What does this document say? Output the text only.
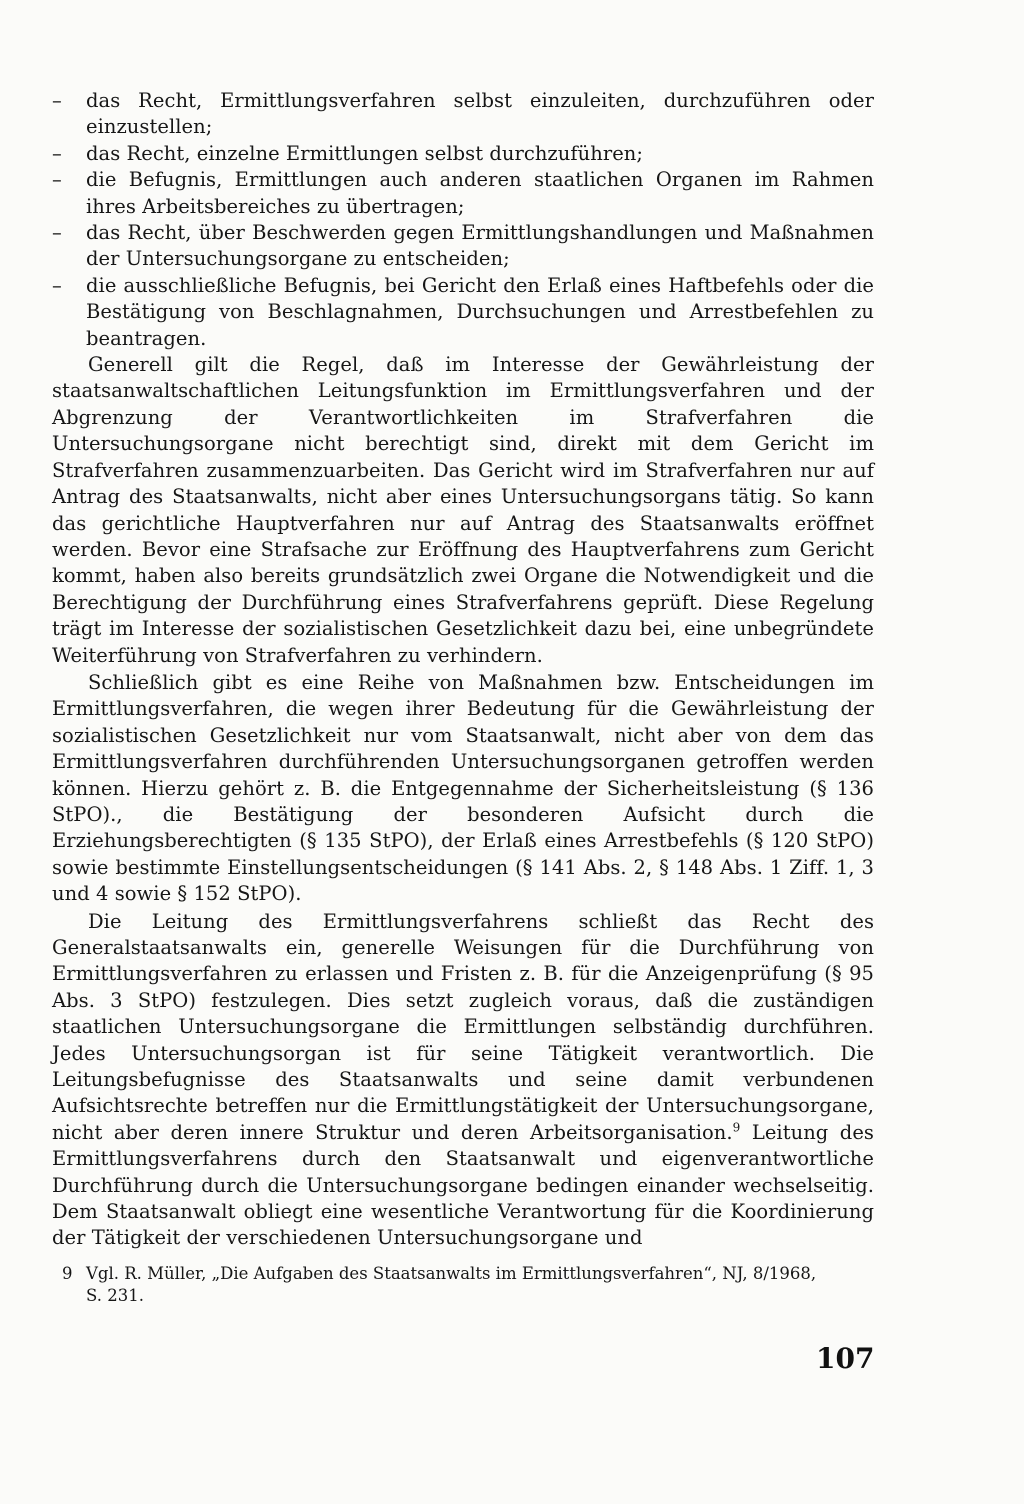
–	das Recht, Ermittlungsverfahren selbst einzuleiten, durchzuführen oder einzustellen;
–	das Recht, einzelne Ermittlungen selbst durchzuführen;
–	die Befugnis, Ermittlungen auch anderen staatlichen Organen im Rahmen ihres Arbeitsbereiches zu übertragen;
–	das Recht, über Beschwerden gegen Ermittlungshandlungen und Maßnahmen der Untersuchungsorgane zu entscheiden;
–	die ausschließliche Befugnis, bei Gericht den Erlaß eines Haftbefehls oder die Bestätigung von Beschlagnahmen, Durchsuchungen und Arrestbefehlen zu beantragen.

Generell gilt die Regel, daß im Interesse der Gewährleistung der staatsanwaltschaftlichen Leitungsfunktion im Ermittlungsverfahren und der Abgrenzung der Verantwortlichkeiten im Strafverfahren die Untersuchungsorgane nicht berechtigt sind, direkt mit dem Gericht im Strafverfahren zusammenzuarbeiten. Das Gericht wird im Strafverfahren nur auf Antrag des Staatsanwalts, nicht aber eines Untersuchungsorgans tätig. So kann das gerichtliche Hauptverfahren nur auf Antrag des Staatsanwalts eröffnet werden. Bevor eine Strafsache zur Eröffnung des Hauptverfahrens zum Gericht kommt, haben also bereits grundsätzlich zwei Organe die Notwendigkeit und die Berechtigung der Durchführung eines Strafverfahrens geprüft. Diese Regelung trägt im Interesse der sozialistischen Gesetzlichkeit dazu bei, eine unbegründete Weiterführung von Strafverfahren zu verhindern.

Schließlich gibt es eine Reihe von Maßnahmen bzw. Entscheidungen im Ermittlungsverfahren, die wegen ihrer Bedeutung für die Gewährleistung der sozialistischen Gesetzlichkeit nur vom Staatsanwalt, nicht aber von dem das Ermittlungsverfahren durchführenden Untersuchungsorganen getroffen werden können. Hierzu gehört z. B. die Entgegennahme der Sicherheitsleistung (§ 136 StPO)., die Bestätigung der besonderen Aufsicht durch die Erziehungsberechtigten (§ 135 StPO), der Erlaß eines Arrestbefehls (§ 120 StPO) sowie bestimmte Einstellungsentscheidungen (§ 141 Abs. 2, § 148 Abs. 1 Ziff. 1, 3 und 4 sowie § 152 StPO).

Die Leitung des Ermittlungsverfahrens schließt das Recht des Generalstaatsanwalts ein, generelle Weisungen für die Durchführung von Ermittlungsverfahren zu erlassen und Fristen z. B. für die Anzeigenprüfung (§ 95 Abs. 3 StPO) festzulegen. Dies setzt zugleich voraus, daß die zuständigen staatlichen Untersuchungsorgane die Ermittlungen selbständig durchführen. Jedes Untersuchungsorgan ist für seine Tätigkeit verantwortlich. Die Leitungsbefugnisse des Staatsanwalts und seine damit verbundenen Aufsichtsrechte betreffen nur die Ermittlungstätigkeit der Untersuchungsorgane, nicht aber deren innere Struktur und deren Arbeitsorganisation.$^9$ Leitung des Ermittlungsverfahrens durch den Staatsanwalt und eigenverantwortliche Durchführung durch die Untersuchungsorgane bedingen einander wechselseitig. Dem Staatsanwalt obliegt eine wesentliche Verantwortung für die Koordinierung der Tätigkeit der verschiedenen Untersuchungsorgane und

9 Vgl. R. Müller, „Die Aufgaben des Staatsanwalts im Ermittlungsverfahren“, NJ, 8/1968,
S. 231.
107
